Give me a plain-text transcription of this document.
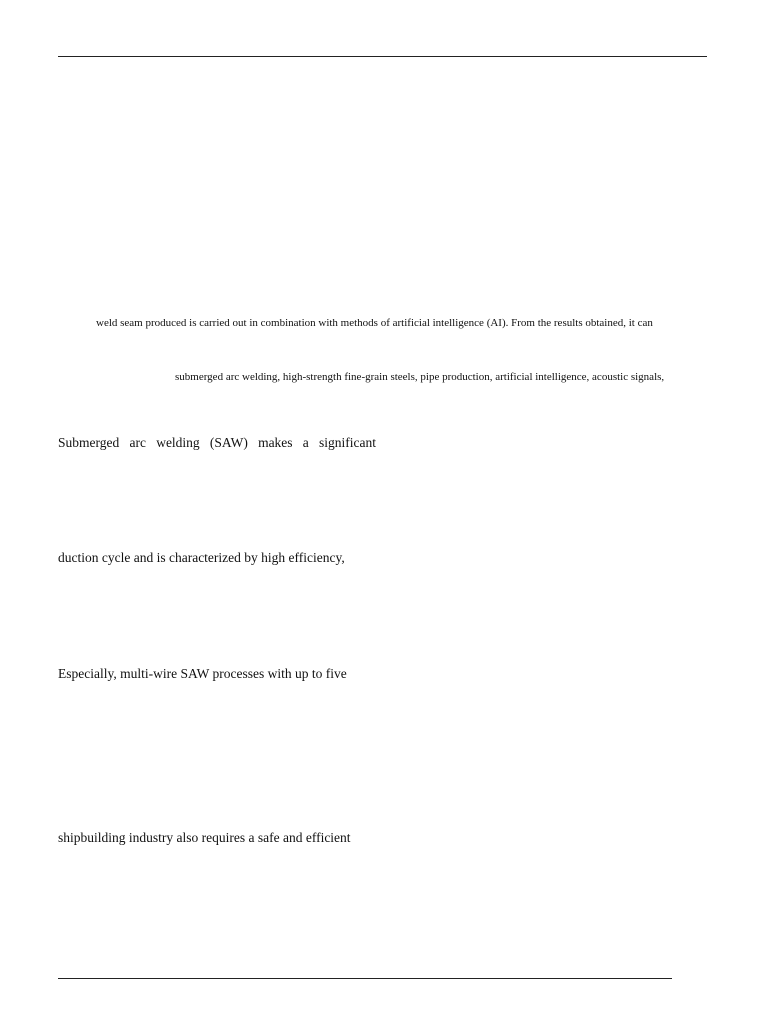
weld seam produced is carried out in combination with methods of artificial intelligence (AI). From the results obtained, it can
submerged arc welding, high-strength fine-grain steels, pipe production, artificial intelligence, acoustic signals,
Submerged arc welding (SAW) makes a significant
duction cycle and is characterized by high efficiency,
Especially, multi-wire SAW processes with up to five
shipbuilding industry also requires a safe and efficient
